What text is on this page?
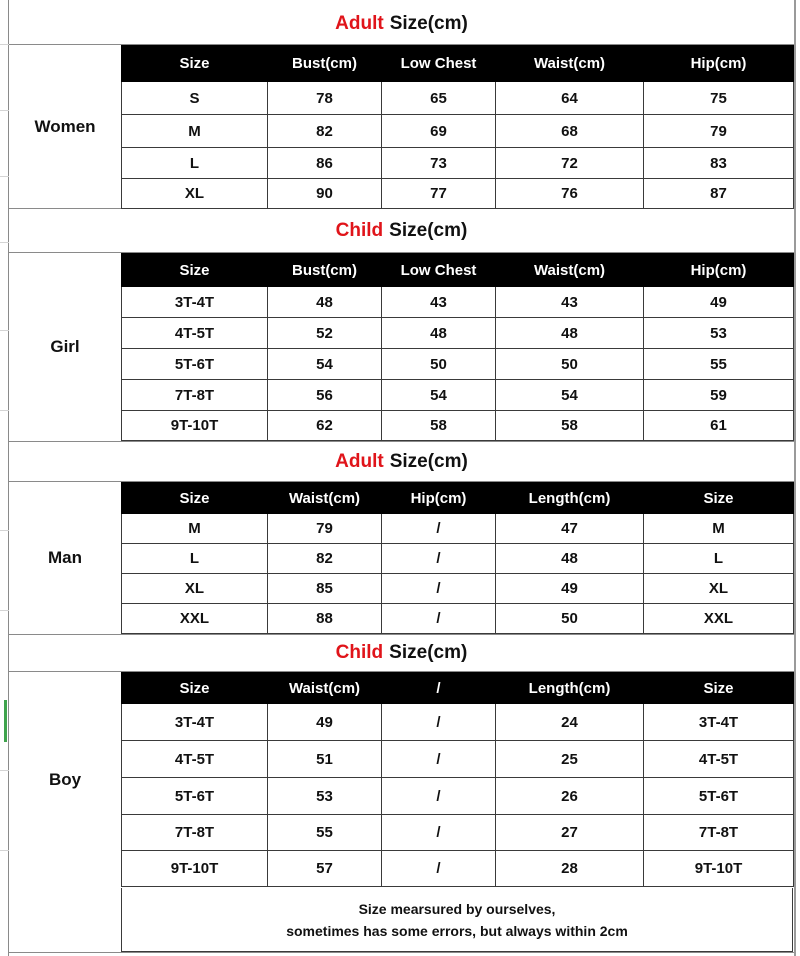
Adult Size(cm)
Women
Size	Bust(cm)	Low Chest	Waist(cm)	Hip(cm)
S	78	65	64	75
M	82	69	68	79
L	86	73	72	83
XL	90	77	76	87
Child Size(cm)
Girl
Size	Bust(cm)	Low Chest	Waist(cm)	Hip(cm)
3T-4T	48	43	43	49
4T-5T	52	48	48	53
5T-6T	54	50	50	55
7T-8T	56	54	54	59
9T-10T	62	58	58	61
Adult Size(cm)
Man
Size	Waist(cm)	Hip(cm)	Length(cm)	Size
M	79	/	47	M
L	82	/	48	L
XL	85	/	49	XL
XXL	88	/	50	XXL
Child Size(cm)
Boy
Size	Waist(cm)	/	Length(cm)	Size
3T-4T	49	/	24	3T-4T
4T-5T	51	/	25	4T-5T
5T-6T	53	/	26	5T-6T
7T-8T	55	/	27	7T-8T
9T-10T	57	/	28	9T-10T
Size mearsured by ourselves,
sometimes has some errors, but always within 2cm
